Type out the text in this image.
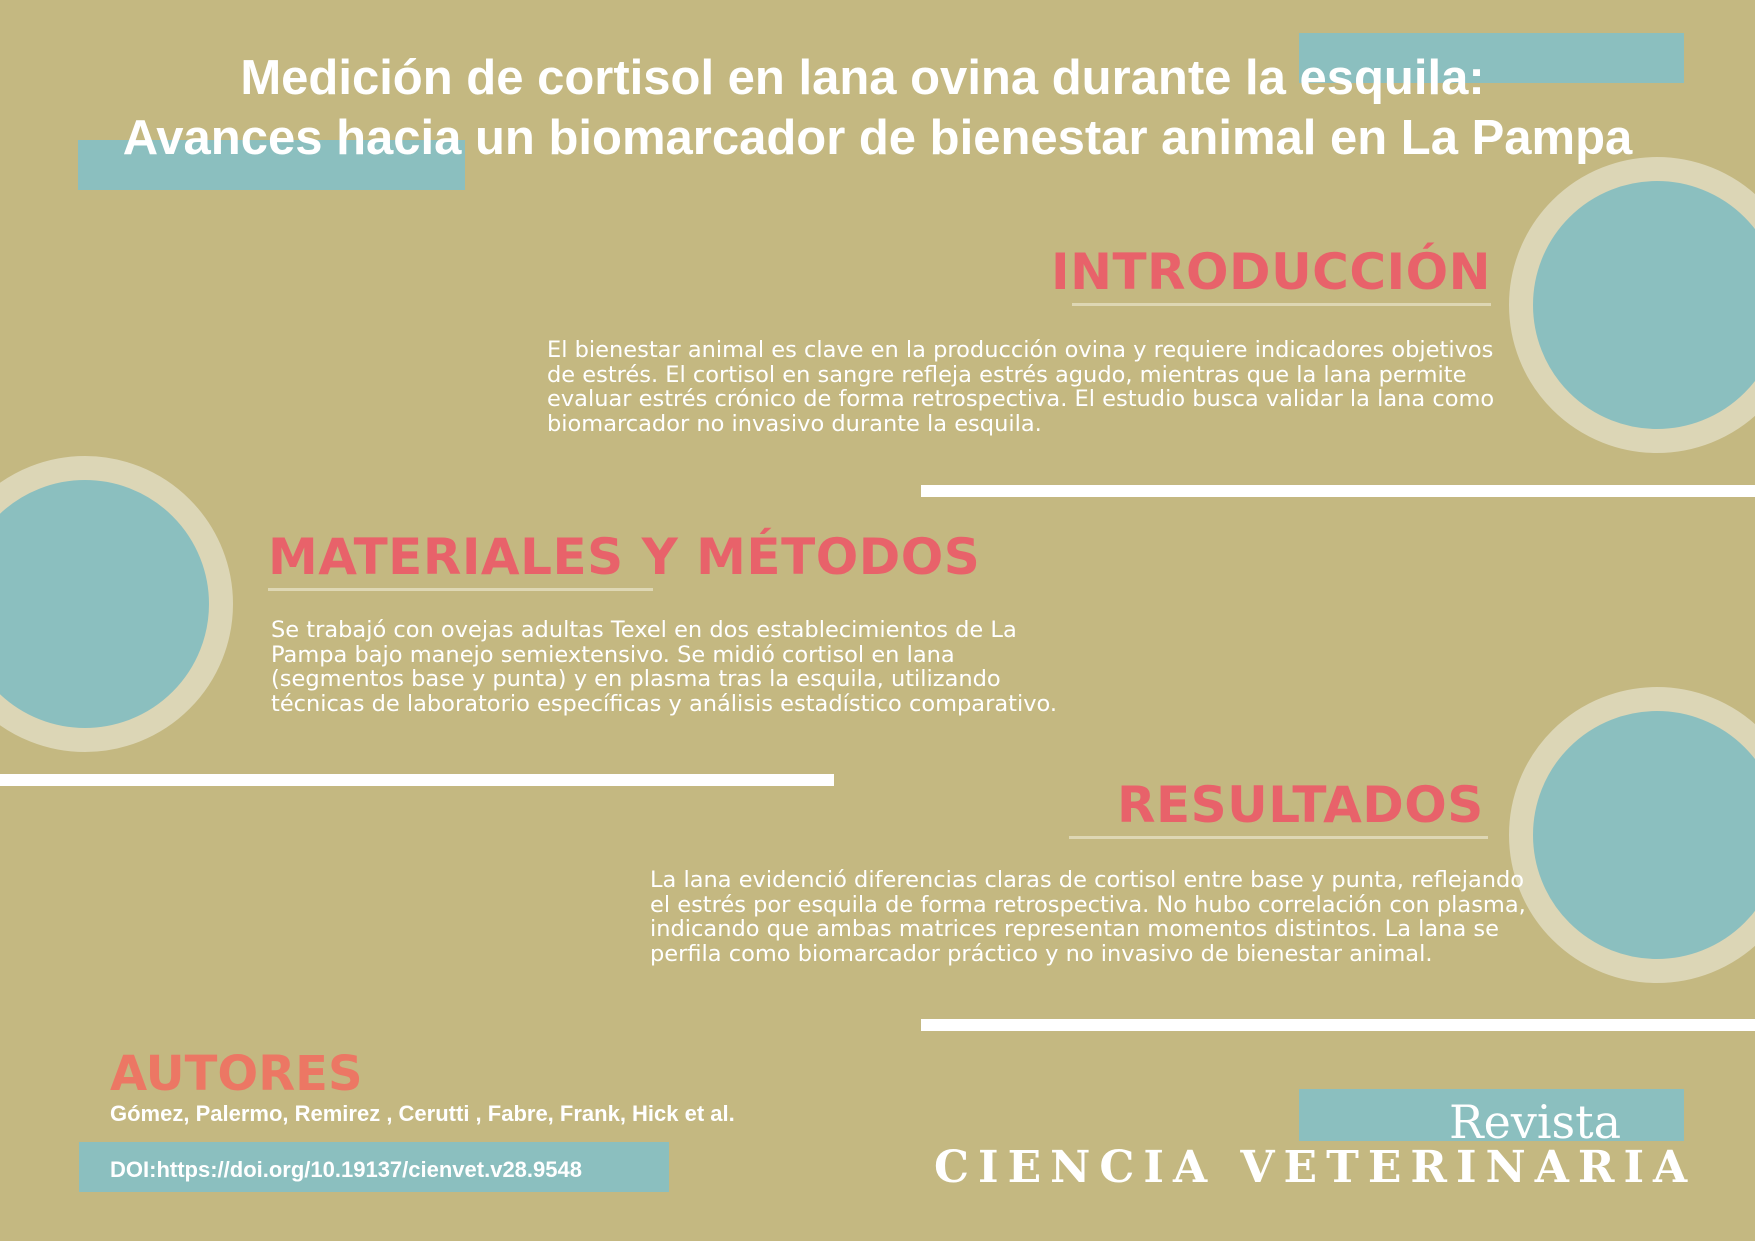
Medición de cortisol en lana ovina durante la esquila:
Avances hacia un biomarcador de bienestar animal en La Pampa
INTRODUCCIÓN
El bienestar animal es clave en la producción ovina y requiere indicadores objetivos de estrés. El cortisol en sangre refleja estrés agudo, mientras que la lana permite evaluar estrés crónico de forma retrospectiva. El estudio busca validar la lana como biomarcador no invasivo durante la esquila.
MATERIALES Y MÉTODOS
Se trabajó con ovejas adultas Texel en dos establecimientos de La Pampa bajo manejo semiextensivo. Se midió cortisol en lana (segmentos base y punta) y en plasma tras la esquila, utilizando técnicas de laboratorio específicas y análisis estadístico comparativo.
RESULTADOS
La lana evidenció diferencias claras de cortisol entre base y punta, reflejando el estrés por esquila de forma retrospectiva. No hubo correlación con plasma, indicando que ambas matrices representan momentos distintos. La lana se perfila como biomarcador práctico y no invasivo de bienestar animal.
AUTORES
Gómez, Palermo, Remirez , Cerutti , Fabre, Frank, Hick et al.
DOI:https://doi.org/10.19137/cienvet.v28.9548
Revista
CIENCIA VETERINARIA
